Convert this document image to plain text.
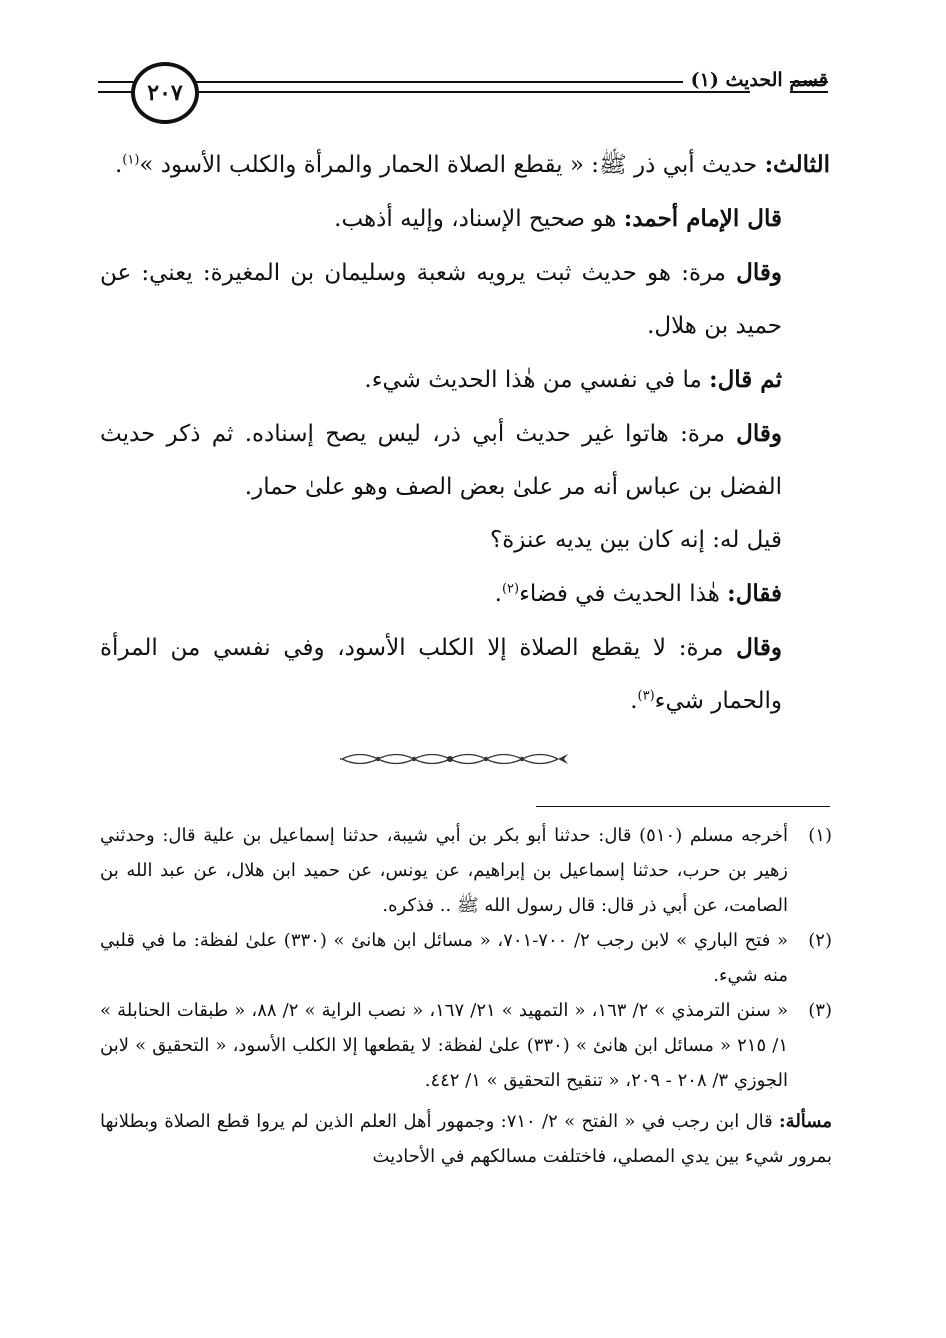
٢٠٧	قسم الحديث (١)

الثالث: حديث أبي ذر ﷺ: « يقطع الصلاة الحمار والمرأة والكلب الأسود »$^{(١)}$.

قال الإمام أحمد: هو صحيح الإسناد، وإليه أذهب.

وقال مرة: هو حديث ثبت يرويه شعبة وسليمان بن المغيرة: يعني: عن حميد بن هلال.

ثم قال: ما في نفسي من هٰذا الحديث شيء.

وقال مرة: هاتوا غير حديث أبي ذر، ليس يصح إسناده. ثم ذكر حديث الفضل بن عباس أنه مر علىٰ بعض الصف وهو علىٰ حمار.

قيل له: إنه كان بين يديه عنزة؟

فقال: هٰذا الحديث في فضاء$^{(٢)}$.

وقال مرة: لا يقطع الصلاة إلا الكلب الأسود، وفي نفسي من المرأة والحمار شيء$^{(٣)}$.

(١)
أخرجه مسلم (٥١٠) قال: حدثنا أبو بكر بن أبي شيبة، حدثنا إسماعيل بن علية قال: وحدثني زهير بن حرب، حدثنا إسماعيل بن إبراهيم، عن يونس، عن حميد ابن هلال، عن عبد الله بن الصامت، عن أبي ذر قال: قال رسول الله ﷺ .. فذكره.
(٢)
« فتح الباري » لابن رجب ٢/ ٧٠٠-٧٠١، « مسائل ابن هانئ » (٣٣٠) علىٰ لفظة: ما في قلبي منه شيء.
(٣)
« سنن الترمذي » ٢/ ١٦٣، « التمهيد » ٢١/ ١٦٧، « نصب الراية » ٢/ ٨٨، « طبقات الحنابلة » ١/ ٢١٥ « مسائل ابن هانئ » (٣٣٠) علىٰ لفظة: لا يقطعها إلا الكلب الأسود، « التحقيق » لابن الجوزي ٣/ ٢٠٨ - ٢٠٩، « تنقيح التحقيق » ١/ ٤٤٢.

مسألة: قال ابن رجب في « الفتح » ٢/ ٧١٠: وجمهور أهل العلم الذين لم يروا قطع الصلاة وبطلانها بمرور شيء بين يدي المصلي، فاختلفت مسالكهم في الأحاديث
